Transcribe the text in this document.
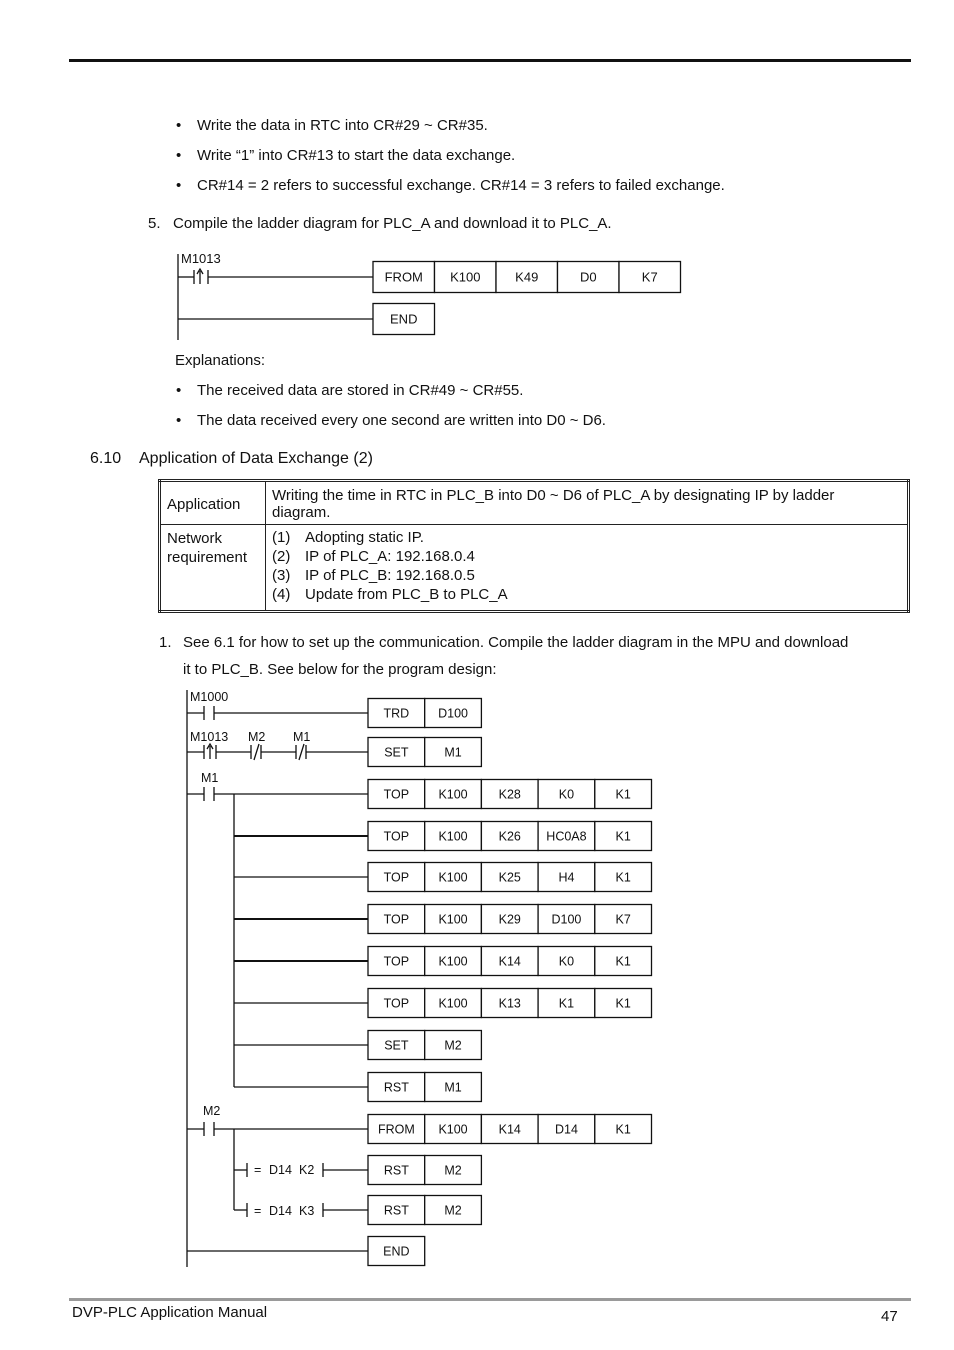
• Write the data in RTC into CR#29 ~ CR#35.
• Write “1” into CR#13 to start the data exchange.
• CR#14 = 2 refers to successful exchange. CR#14 = 3 refers to failed exchange.
5. Compile the ladder diagram for PLC_A and download it to PLC_A.
M1013
FROM K100	K49	D0	K7
END
Explanations:
• The received data are stored in CR#49 ~ CR#55.
• The data received every one second are written into D0 ~ D6.
6.10 Application of Data Exchange (2)
Application	Writing the time in RTC in PLC_B into D0 ~ D6 of PLC_A by designating IP by ladder
diagram.

Network
requirement	(1) Adopting static IP.
(2) IP of PLC_A: 192.168.0.4
(3) IP of PLC_B: 192.168.0.5
(4) Update from PLC_B to PLC_A
1. See 6.1 for how to set up the communication. Compile the ladder diagram in the MPU and download
it to PLC_B. See below for the program design:
M1000
M1013 M2 M1
M1
M2
= D14 K2
= D14 K3
TRD D100
SET	M1
TOP K100 K28	K0	K1
TOP K100 K26 HC0A8 K1
TOP K100 K25	H4	K1
TOP K100 K29 D100	K7
TOP K100 K14	K0	K1
TOP K100 K13	K1	K1
SET	M2
RST	M1
FROM K100 K14	D14	K1
RST	M2
RST	M2
END
DVP-PLC Application Manual	47
